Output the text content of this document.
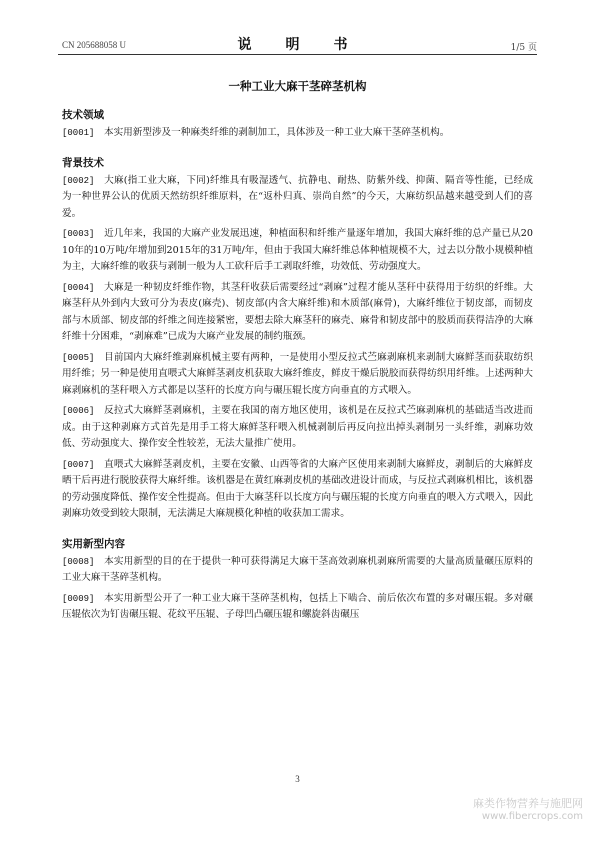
CN 205688058 U	说　明　书	1/5 页
一种工业大麻干茎碎茎机构
技术领域

[0001]  本实用新型涉及一种麻类纤维的剥制加工，具体涉及一种工业大麻干茎碎茎机构。

背景技术

[0002]  大麻(指工业大麻，下同)纤维具有吸湿透气、抗静电、耐热、防紫外线、抑菌、隔音等性能，已经成为一种世界公认的优质天然纺织纤维原料，在“返朴归真、崇尚自然”的今天，大麻纺织品越来越受到人们的喜爱。

[0003]  近几年来，我国的大麻产业发展迅速，种植面积和纤维产量逐年增加，我国大麻纤维的总产量已从2010年的10万吨/年增加到2015年的31万吨/年，但由于我国大麻纤维总体种植规模不大，过去以分散小规模种植为主，大麻纤维的收获与剥制一般为人工砍秆后手工剥取纤维，功效低、劳动强度大。

[0004]  大麻是一种韧皮纤维作物，其茎秆收获后需要经过“剥麻”过程才能从茎秆中获得用于纺织的纤维。大麻茎秆从外到内大致可分为表皮(麻壳)、韧皮部(内含大麻纤维)和木质部(麻骨)，大麻纤维位于韧皮部，而韧皮部与木质部、韧皮部的纤维之间连接紧密，要想去除大麻茎秆的麻壳、麻骨和韧皮部中的胶质而获得洁净的大麻纤维十分困难，“剥麻难”已成为大麻产业发展的制约瓶颈。

[0005]  目前国内大麻纤维剥麻机械主要有两种，一是使用小型反拉式苎麻剥麻机来剥制大麻鲜茎而获取纺织用纤维；另一种是使用直喂式大麻鲜茎剥皮机获取大麻纤维皮，鲜皮干燥后脱胶而获得纺织用纤维。上述两种大麻剥麻机的茎秆喂入方式都是以茎秆的长度方向与碾压辊长度方向垂直的方式喂入。

[0006]  反拉式大麻鲜茎剥麻机，主要在我国的南方地区使用，该机是在反拉式苎麻剥麻机的基础适当改进而成。由于这种剥麻方式首先是用手工将大麻鲜茎秆喂入机械剥制后再反向拉出掉头剥制另一头纤维，剥麻功效低、劳动强度大、操作安全性较差，无法大量推广使用。

[0007]  直喂式大麻鲜茎剥皮机，主要在安徽、山西等省的大麻产区使用来剥制大麻鲜皮，剥制后的大麻鲜皮晒干后再进行脱胶获得大麻纤维。该机器是在黄红麻剥皮机的基础改进设计而成，与反拉式剥麻机相比，该机器的劳动强度降低、操作安全性提高。但由于大麻茎秆以长度方向与碾压辊的长度方向垂直的喂入方式喂入，因此剥麻功效受到较大限制，无法满足大麻规模化种植的收获加工需求。

实用新型内容

[0008]  本实用新型的目的在于提供一种可获得满足大麻干茎高效剥麻机剥麻所需要的大量高质量碾压原料的工业大麻干茎碎茎机构。

[0009]  本实用新型公开了一种工业大麻干茎碎茎机构，包括上下啮合、前后依次布置的多对碾压辊。多对碾压辊依次为钉齿碾压辊、花纹平压辊、子母凹凸碾压辊和螺旋斜齿碾压

3
麻类作物营养与施肥网
www.fibercrops.com
